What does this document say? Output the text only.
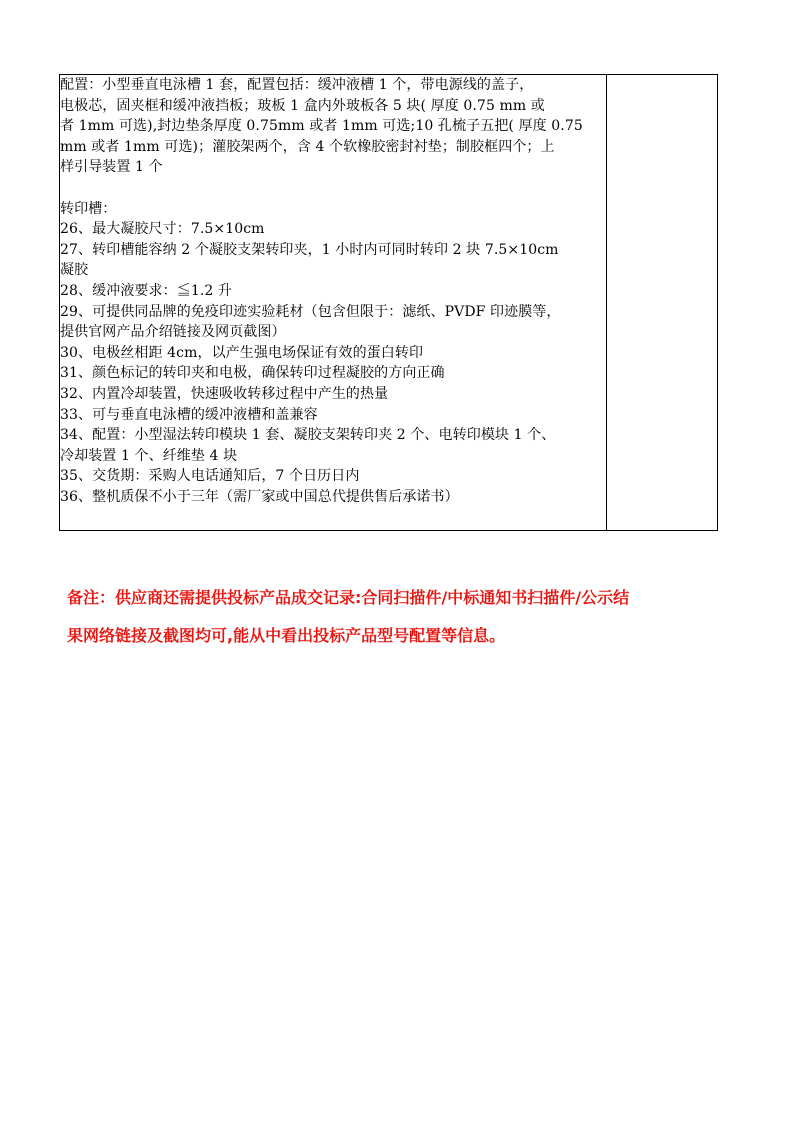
配置：小型垂直电泳槽 1 套，配置包括：缓冲液槽 1 个，带电源线的盖子，
电极芯，固夹框和缓冲液挡板；玻板 1 盒内外玻板各 5 块( 厚度 0.75 mm 或
者 1mm 可选),封边垫条厚度 0.75mm 或者 1mm 可选;10 孔梳子五把( 厚度 0.75
mm 或者 1mm 可选)；灌胶架两个，含 4 个软橡胶密封衬垫；制胶框四个；上
样引导装置 1 个
转印槽：
26、最大凝胶尺寸：7.5×10cm
27、转印槽能容纳 2 个凝胶支架转印夹，1 小时内可同时转印 2 块 7.5×10cm
凝胶
28、缓冲液要求：≦1.2 升
29、可提供同品牌的免疫印迹实验耗材（包含但限于：滤纸、PVDF 印迹膜等，
提供官网产品介绍链接及网页截图）
30、电极丝相距 4cm，以产生强电场保证有效的蛋白转印
31、颜色标记的转印夹和电极，确保转印过程凝胶的方向正确
32、内置冷却装置，快速吸收转移过程中产生的热量
33、可与垂直电泳槽的缓冲液槽和盖兼容
34、配置：小型湿法转印模块 1 套、凝胶支架转印夹 2 个、电转印模块 1 个、
冷却装置 1 个、纤维垫 4 块
35、交货期：采购人电话通知后，7 个日历日内
36、整机质保不小于三年（需厂家或中国总代提供售后承诺书）

备注：供应商还需提供投标产品成交记录:合同扫描件/中标通知书扫描件/公示结
果网络链接及截图均可,能从中看出投标产品型号配置等信息。
